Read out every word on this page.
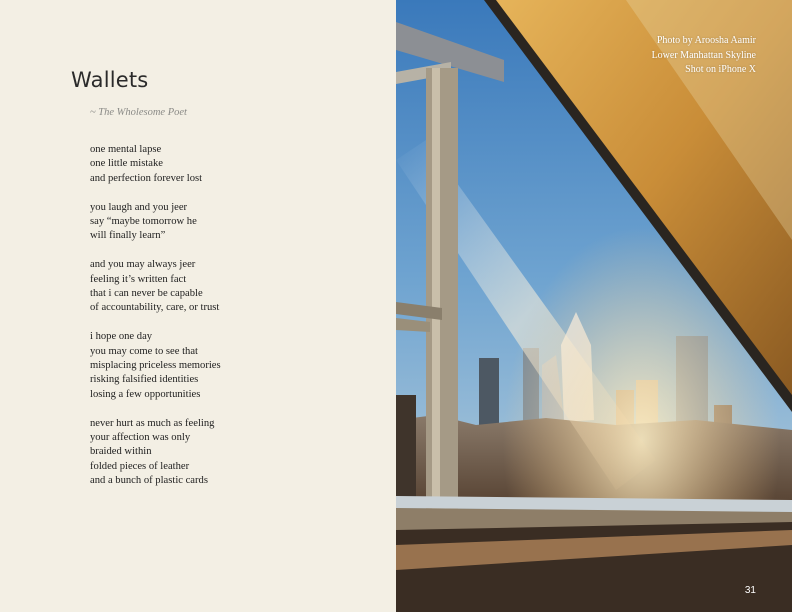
Wallets
~ The Wholesome Poet
one mental lapse
one little mistake
and perfection forever lost
you laugh and you jeer
say “maybe tomorrow he
will finally learn”
and you may always jeer
feeling it’s written fact
that i can never be capable
of accountability, care, or trust
i hope one day
you may come to see that
misplacing priceless memories
risking falsified identities
losing a few opportunities
never hurt as much as feeling
your affection was only
braided within
folded pieces of leather
and a bunch of plastic cards
Photo by Aroosha Aamir
Lower Manhattan Skyline
Shot on iPhone X
31
